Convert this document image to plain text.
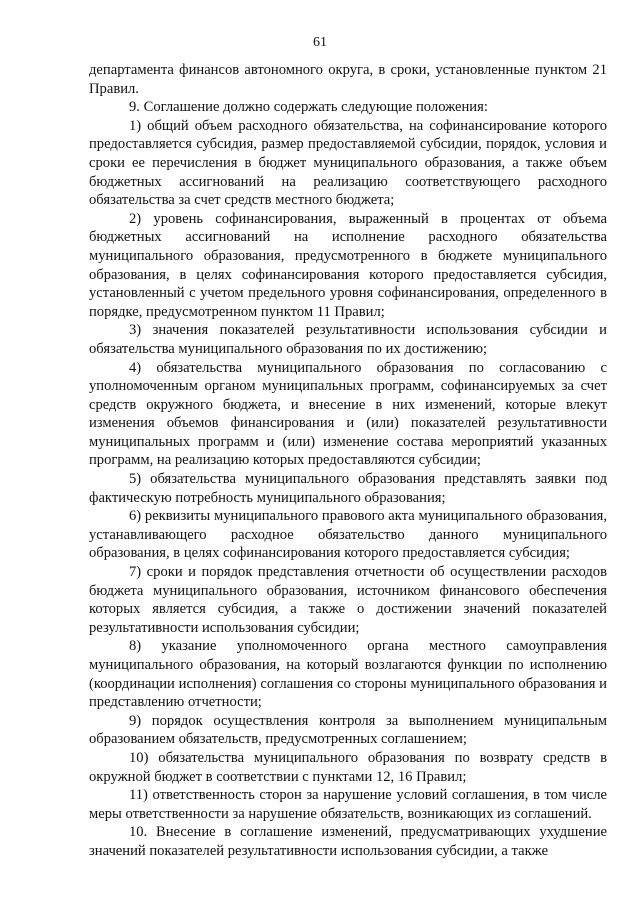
61

департамента финансов автономного округа, в сроки, установленные пунктом 21 Правил.

9. Соглашение должно содержать следующие положения:

1) общий объем расходного обязательства, на софинансирование которого предоставляется субсидия, размер предоставляемой субсидии, порядок, условия и сроки ее перечисления в бюджет муниципального образования, а также объем бюджетных ассигнований на реализацию соответствующего расходного обязательства за счет средств местного бюджета;

2) уровень софинансирования, выраженный в процентах от объема бюджетных ассигнований на исполнение расходного обязательства муниципального образования, предусмотренного в бюджете муниципального образования, в целях софинансирования которого предоставляется субсидия, установленный с учетом предельного уровня софинансирования, определенного в порядке, предусмотренном пунктом 11 Правил;

3) значения показателей результативности использования субсидии и обязательства муниципального образования по их достижению;

4) обязательства муниципального образования по согласованию с уполномоченным органом муниципальных программ, софинансируемых за счет средств окружного бюджета, и внесение в них изменений, которые влекут изменения объемов финансирования и (или) показателей результативности муниципальных программ и (или) изменение состава мероприятий указанных программ, на реализацию которых предоставляются субсидии;

5) обязательства муниципального образования представлять заявки под фактическую потребность муниципального образования;

6) реквизиты муниципального правового акта муниципального образования, устанавливающего расходное обязательство данного муниципального образования, в целях софинансирования которого предоставляется субсидия;

7) сроки и порядок представления отчетности об осуществлении расходов бюджета муниципального образования, источником финансового обеспечения которых является субсидия, а также о достижении значений показателей результативности использования субсидии;

8) указание уполномоченного органа местного самоуправления муниципального образования, на который возлагаются функции по исполнению (координации исполнения) соглашения со стороны муниципального образования и представлению отчетности;

9) порядок осуществления контроля за выполнением муниципальным образованием обязательств, предусмотренных соглашением;

10) обязательства муниципального образования по возврату средств в окружной бюджет в соответствии с пунктами 12, 16 Правил;

11) ответственность сторон за нарушение условий соглашения, в том числе меры ответственности за нарушение обязательств, возникающих из соглашений.

10. Внесение в соглашение изменений, предусматривающих ухудшение значений показателей результативности использования субсидии, а также
